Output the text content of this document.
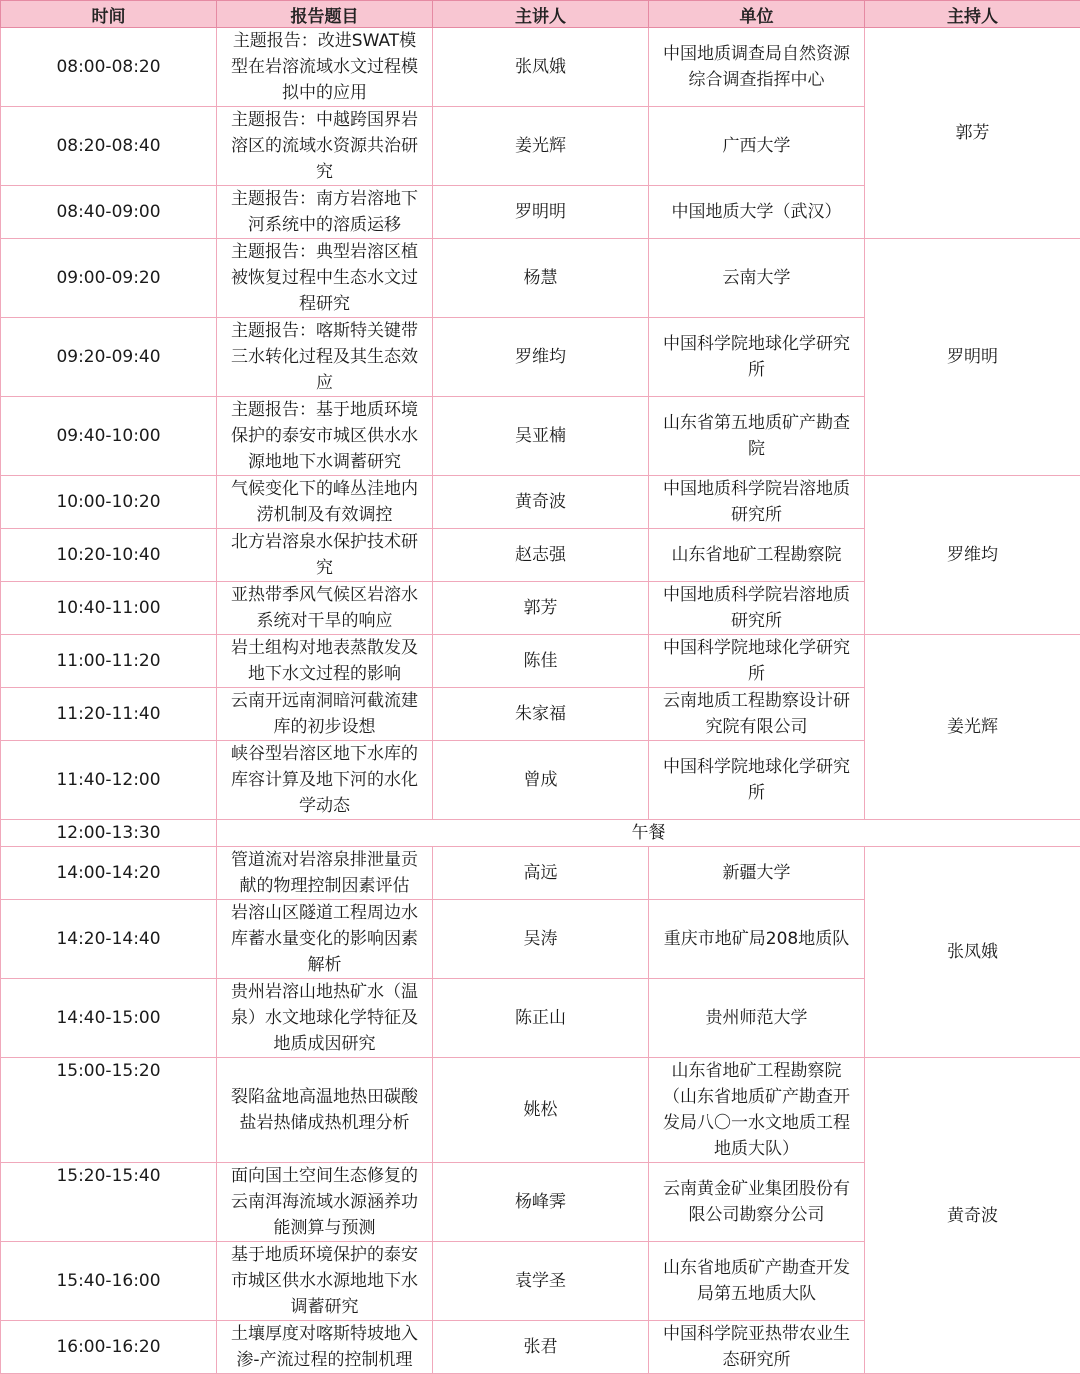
时间	报告题目	主讲人	单位	主持人
08:00-08:20	主题报告：改进SWAT模型在岩溶流域水文过程模拟中的应用	张凤娥	中国地质调查局自然资源综合调查指挥中心	郭芳
08:20-08:40	主题报告：中越跨国界岩溶区的流域水资源共治研究	姜光辉	广西大学	
08:40-09:00	主题报告：南方岩溶地下河系统中的溶质运移	罗明明	中国地质大学（武汉）	
09:00-09:20	主题报告：典型岩溶区植被恢复过程中生态水文过程研究	杨慧	云南大学	罗明明
09:20-09:40	主题报告：喀斯特关键带三水转化过程及其生态效应	罗维均	中国科学院地球化学研究所	
09:40-10:00	主题报告：基于地质环境保护的泰安市城区供水水源地地下水调蓄研究	吴亚楠	山东省第五地质矿产勘查院	
10:00-10:20	气候变化下的峰丛洼地内涝机制及有效调控	黄奇波	中国地质科学院岩溶地质研究所	罗维均
10:20-10:40	北方岩溶泉水保护技术研究	赵志强	山东省地矿工程勘察院	
10:40-11:00	亚热带季风气候区岩溶水系统对干旱的响应	郭芳	中国地质科学院岩溶地质研究所	
11:00-11:20	岩土组构对地表蒸散发及地下水文过程的影响	陈佳	中国科学院地球化学研究所	姜光辉
11:20-11:40	云南开远南洞暗河截流建库的初步设想	朱家福	云南地质工程勘察设计研究院有限公司	
11:40-12:00	峡谷型岩溶区地下水库的库容计算及地下河的水化学动态	曾成	中国科学院地球化学研究所	
12:00-13:30	午餐			
14:00-14:20	管道流对岩溶泉排泄量贡献的物理控制因素评估	高远	新疆大学	张凤娥
14:20-14:40	岩溶山区隧道工程周边水库蓄水量变化的影响因素解析	吴涛	重庆市地矿局208地质队	
14:40-15:00	贵州岩溶山地热矿水（温泉）水文地球化学特征及地质成因研究	陈正山	贵州师范大学	
15:00-15:20	裂陷盆地高温地热田碳酸盐岩热储成热机理分析	姚松	山东省地矿工程勘察院（山东省地质矿产勘查开发局八〇一水文地质工程地质大队）	黄奇波
15:20-15:40	面向国土空间生态修复的云南洱海流域水源涵养功能测算与预测	杨峰霁	云南黄金矿业集团股份有限公司勘察分公司	
15:40-16:00	基于地质环境保护的泰安市城区供水水源地地下水调蓄研究	袁学圣	山东省地质矿产勘查开发局第五地质大队	
16:00-16:20	土壤厚度对喀斯特坡地入渗-产流过程的控制机理	张君	中国科学院亚热带农业生态研究所	
